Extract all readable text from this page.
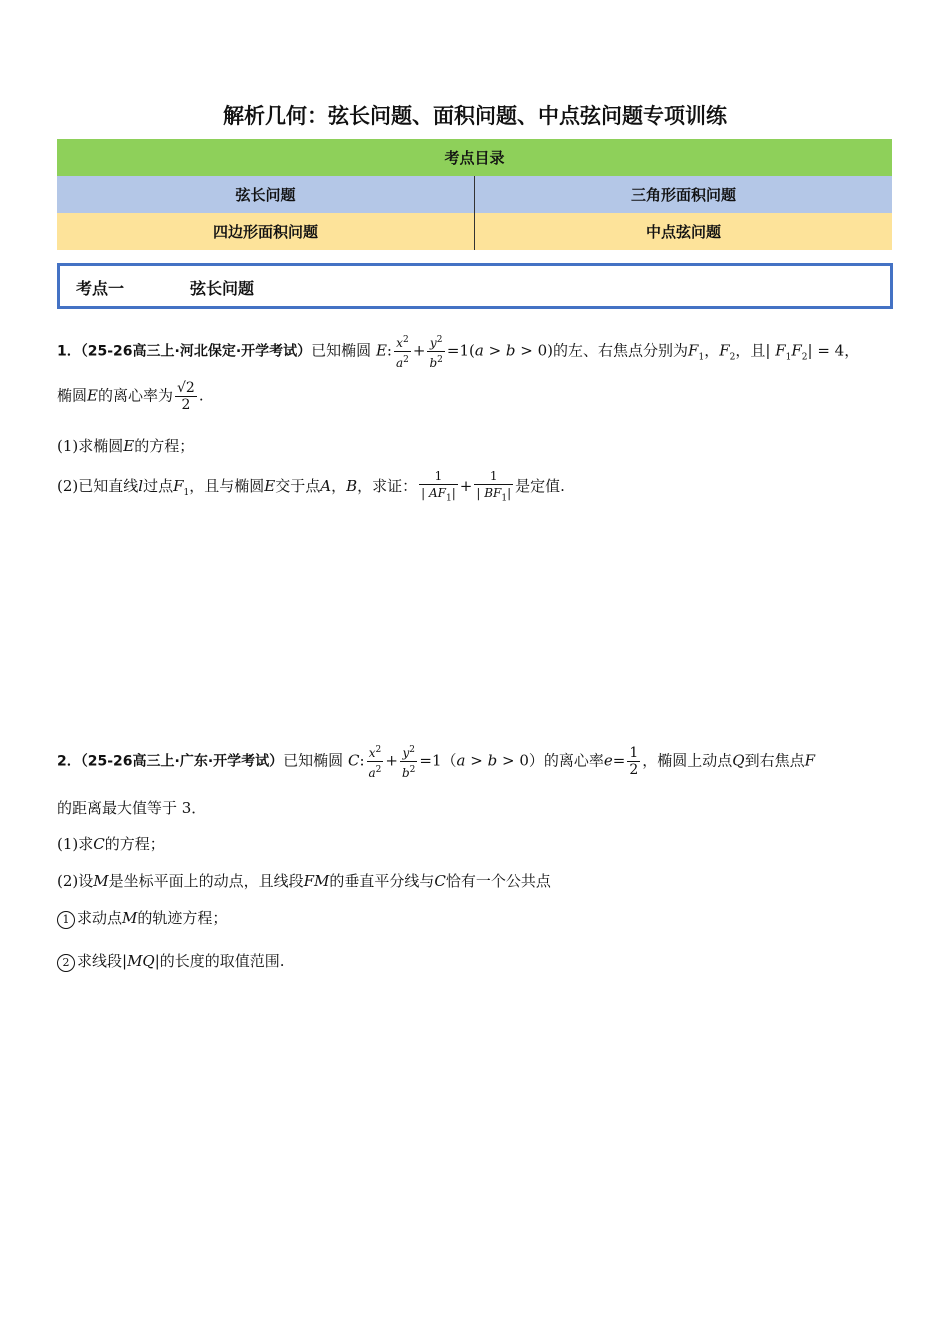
解析几何：弦长问题、面积问题、中点弦问题专项训练
考点目录	
弦长问题	三角形面积问题
四边形面积问题	中点弦问题
考点一	弦长问题
1．（25-26高三上·河北保定·开学考试）已知椭圆 E: $\frac{x^2}{a^2} + \frac{y^2}{b^2} =1(a > b > 0)$的左、右焦点分别为$F_1$，$F_2$，且| $F_1F_2| = 4$，
椭圆E的离心率为 $\frac{√2}{2}$ .
(1)求椭圆E的方程；
(2)已知直线l过点$F_1$，且与椭圆E交于点A，B，求证： $\frac{1}{| AF_1|} + \frac{1}{| BF_1|}$ 是定值.
2．（25-26高三上·广东·开学考试）已知椭圆 C: $\frac{x^2}{a^2} + \frac{y^2}{b^2} =1(a > b > 0)$的离心率$e= \frac{1}{2}$ ，椭圆上动点Q到右焦点F
的距离最大值等于 3．
(1)求C的方程；
(2)设M是坐标平面上的动点，且线段FM的垂直平分线与C恰有一个公共点
1 求动点M的轨迹方程；
2 求线段|MQ|的长度的取值范围.
